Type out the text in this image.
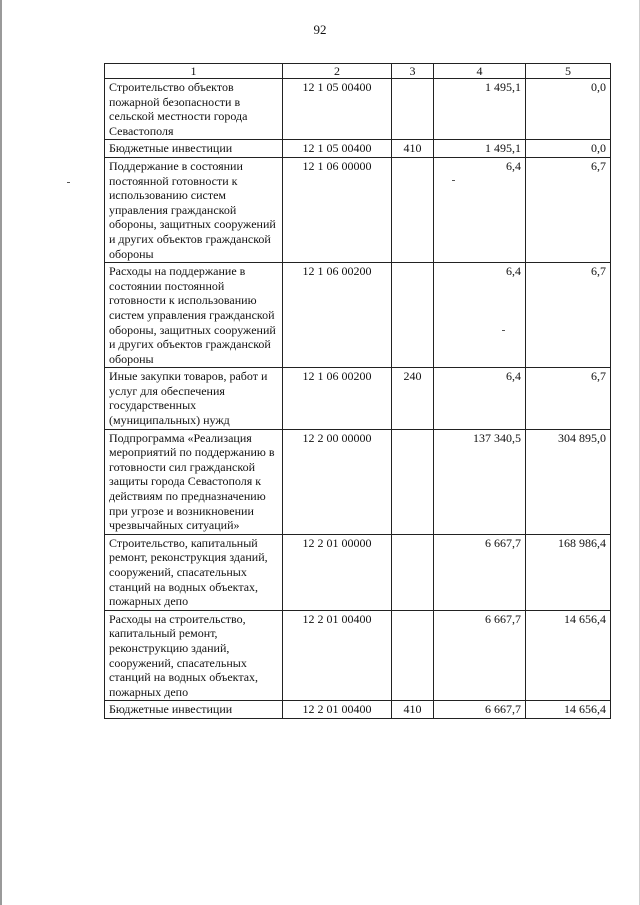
92
1	2	3	4	5
Строительство объектов пожарной безопасности в сельской местности города Севастополя	12 1 05 00400		1 495,1	0,0
Бюджетные инвестиции	12 1 05 00400	410	1 495,1	0,0
Поддержание в состоянии постоянной готовности к использованию систем управления гражданской обороны, защитных сооружений и других объектов гражданской обороны	12 1 06 00000		6,4	6,7
Расходы на поддержание в состоянии постоянной готовности к использованию систем управления гражданской обороны, защитных сооружений и других объектов гражданской обороны	12 1 06 00200		6,4	6,7
Иные закупки товаров, работ и услуг для обеспечения государственных (муниципальных) нужд	12 1 06 00200	240	6,4	6,7
Подпрограмма «Реализация мероприятий по поддержанию в готовности сил гражданской защиты города Севастополя к действиям по предназначению при угрозе и возникновении чрезвычайных ситуаций»	12 2 00 00000		137 340,5	304 895,0
Строительство, капитальный ремонт, реконструкция зданий, сооружений, спасательных станций на водных объектах, пожарных депо	12 2 01 00000		6 667,7	168 986,4
Расходы на строительство, капитальный ремонт, реконструкцию зданий, сооружений, спасательных станций на водных объектах, пожарных депо	12 2 01 00400		6 667,7	14 656,4
Бюджетные инвестиции	12 2 01 00400	410	6 667,7	14 656,4
